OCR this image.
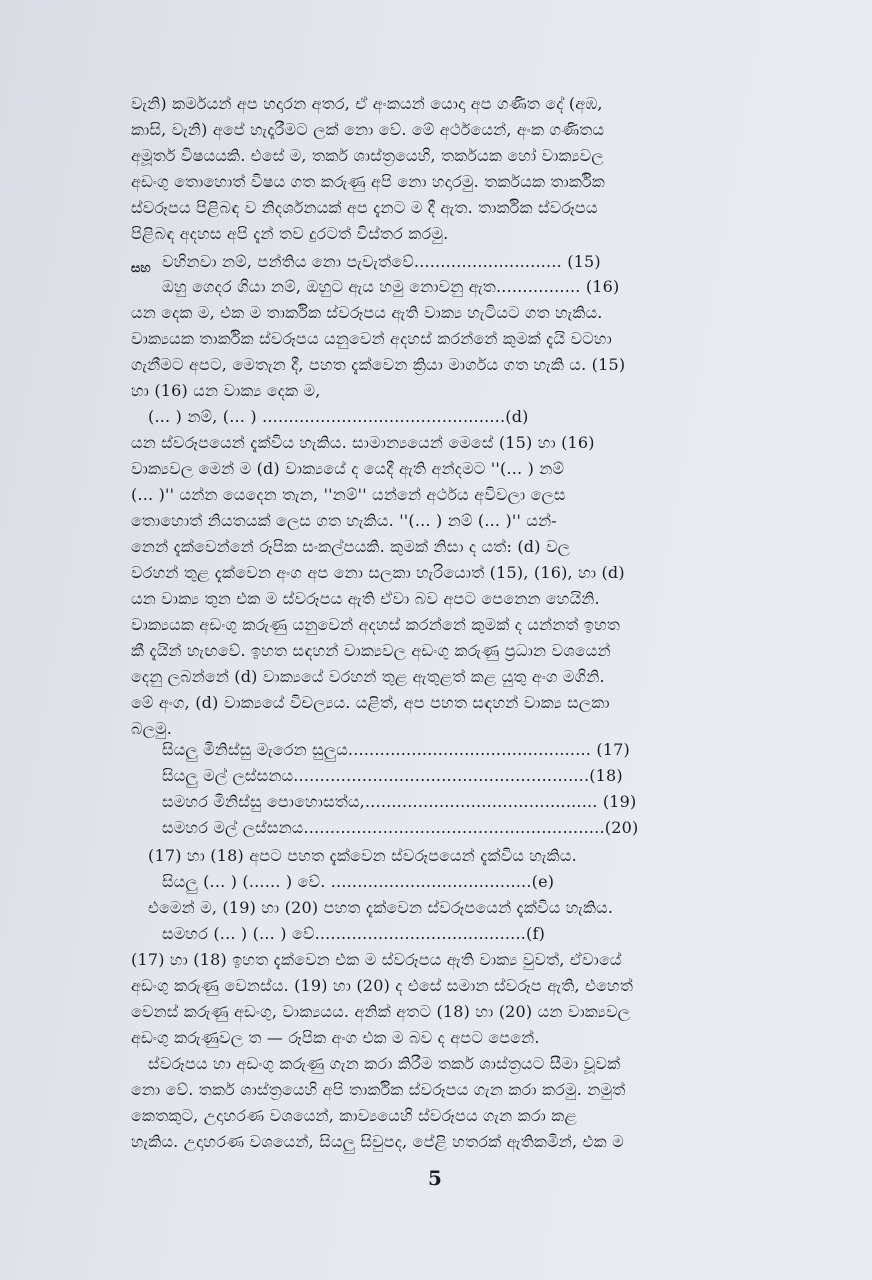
වැනි) කර්මයන් අප හදාරන අතර, ඒ අංකයන් යොදා අප ගණිත දේ (අඹ,
කාසි, වැනි) අපේ හැදෑරීමට ලක් නො වේ. මේ අර්ථයෙන්, අංක ගණිතය
අමූර්ත විෂයයකි. එසේ ම, තර්ක ශාස්ත්‍රයෙහි, තර්කයක හෝ වාක්‍යවල
අඩංගු තොහොත් විෂය ගත කරුණු අපි නො හදාරමු. තර්කයක තාර්කික
ස්වරූපය පිළිබඳ ව නිදර්ශනයක් අප දැනට ම දී ඇත. තාර්කික ස්වරූපය
පිළිබඳ අදහස අපි දැන් තව දුරටත් විස්තර කරමු.
සහ වහිනවා නම්, පන්තිය නො පැවැත්වේ............................ (15)
ඔහු ගෙදර ගියා නම්, ඔහුට ඇය හමු නොවනු ඇත................ (16)
යන දෙක ම, එක ම තාර්කික ස්වරූපය ඇති වාක්‍ය හැටියට ගත හැකිය.
වාක්‍යයක තාර්කික ස්වරූපය යනුවෙන් අදහස් කරන්නේ කුමක් දැයි වටහා
ගැනීමට අපට, මෙතැන දී, පහත දැක්වෙන ක්‍රියා මාර්ගය ගත හැකි ය. (15)
හා (16) යන වාක්‍ය දෙක ම,
(... ) නම්, (... ) ..............................................(d)
යන ස්වරූපයෙන් දැක්විය හැකිය. සාමාන්‍යයෙන් මෙසේ (15) හා (16)
වාක්‍යවල මෙන් ම (d) වාක්‍යයේ ද යෙදී ඇති අන්දමට ''(... ) නම්
(... )'' යන්න යෙදෙන තැන, ''නම්'' යන්නේ අර්ථය අවිවලා ලෙස
තොහොත් නියතයක් ලෙස ගත හැකිය. ''(... ) නම් (... )'' යන්-
නෙන් දැක්වෙන්නේ රූපික සංකල්පයකි. කුමක් නිසා ද යත්: (d) වල
වරහන් තුළ දැක්වෙන අංග අප නො සලකා හැරියොත් (15), (16), හා (d)
යන වාක්‍ය තුන එක ම ස්වරූපය ඇති ඒවා බව අපට පෙනෙන හෙයිනි.
වාක්‍යයක අඩංගු කරුණු යනුවෙන් අදහස් කරන්නේ කුමක් ද යන්නත් ඉහත
කී දැයින් හැඟවේ. ඉහත සඳහන් වාක්‍යවල අඩංගු කරුණු ප්‍රධාන වශයෙන්
දෙනු ලබන්නේ (d) වාක්‍යයේ වරහන් තුළ ඇතුළත් කළ යුතු අංග මගිනි.
මේ අංග, (d) වාක්‍යයේ විචල්‍යය. යළිත්, අප පහත සඳහන් වාක්‍ය සලකා
බලමු.
සියලු මිනිස්සු මැරෙන සුලුය.............................................. (17)
සියලු මල් ලස්සනය........................................................(18)
සමහර මිනිස්සු පොහොසත්ය,............................................ (19)
සමහර මල් ලස්සනය.........................................................(20)
(17) හා (18) අපට පහත දැක්වෙන ස්වරූපයෙන් දැක්විය හැකිය.
සියලු (... ) (...... ) වේ. ......................................(e)
එමෙන් ම, (19) හා (20) පහත දැක්වෙන ස්වරූපයෙන් දැක්විය හැකිය.
සමහර (... ) (... ) වේ........................................(f)
(17) හා (18) ඉහත දැක්වෙන එක ම ස්වරූපය ඇති වාක්‍ය වුවත්, ඒවායේ
අඩංගු කරුණු වෙනස්ය. (19) හා (20) ද එසේ සමාන ස්වරූප ඇති, එහෙත්
වෙනස් කරුණු අඩංගු, වාක්‍යයය. අනික් අතට (18) හා (20) යන වාක්‍යවල
අඩංගු කරුණුවල ත — රූපික අංග එක ම බව ද අපට පෙනේ.
ස්වරූපය හා අඩංගු කරුණු ගැන කරා කිරීම තර්ක ශාස්ත්‍රයට සීමා වූවක්
නො වේ. තර්ක ශාස්ත්‍රයෙහි අපි තාර්කික ස්වරූපය ගැන කරා කරමු. නමුත්
කෙතකුට, උදාහරණ වශයෙන්, කාව්‍යයෙහි ස්වරූපය ගැන කරා කළ
හැකිය. උදාහරණ වශයෙන්, සියලු සිවුපද, පේළි හතරක් ඇතිකමින්, එක ම
5
